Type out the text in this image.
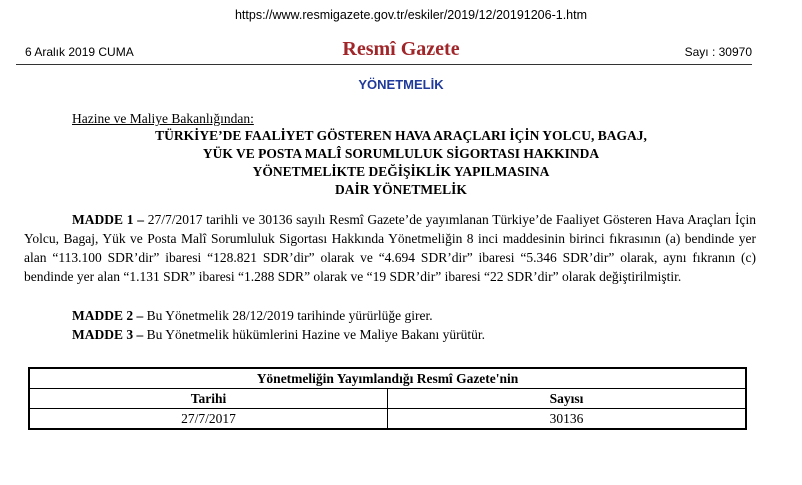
https://www.resmigazete.gov.tr/eskiler/2019/12/20191206-1.htm
6 Aralık 2019 CUMA	Resmî Gazete	Sayı : 30970
YÖNETMELİK
Hazine ve Maliye Bakanlığından:
TÜRKİYE’DE FAALİYET GÖSTEREN HAVA ARAÇLARI İÇİN YOLCU, BAGAJ,
YÜK VE POSTA MALÎ SORUMLULUK SİGORTASI HAKKINDA
YÖNETMELİKTE DEĞİŞİKLİK YAPILMASINA
DAİR YÖNETMELİK
MADDE 1 – 27/7/2017 tarihli ve 30136 sayılı Resmî Gazete’de yayımlanan Türkiye’de Faaliyet Gösteren Hava Araçları İçin Yolcu, Bagaj, Yük ve Posta Malî Sorumluluk Sigortası Hakkında Yönetmeliğin 8 inci maddesinin birinci fıkrasının (a) bendinde yer alan “113.100 SDR’dir” ibaresi “128.821 SDR’dir” olarak ve “4.694 SDR’dir” ibaresi “5.346 SDR’dir” olarak, aynı fıkranın (c) bendinde yer alan “1.131 SDR” ibaresi “1.288 SDR” olarak ve “19 SDR’dir” ibaresi “22 SDR’dir” olarak değiştirilmiştir.
MADDE 2 – Bu Yönetmelik 28/12/2019 tarihinde yürürlüğe girer.
MADDE 3 – Bu Yönetmelik hükümlerini Hazine ve Maliye Bakanı yürütür.
Yönetmeliğin Yayımlandığı Resmî Gazete'nin	
Tarihi	Sayısı
27/7/2017	30136
